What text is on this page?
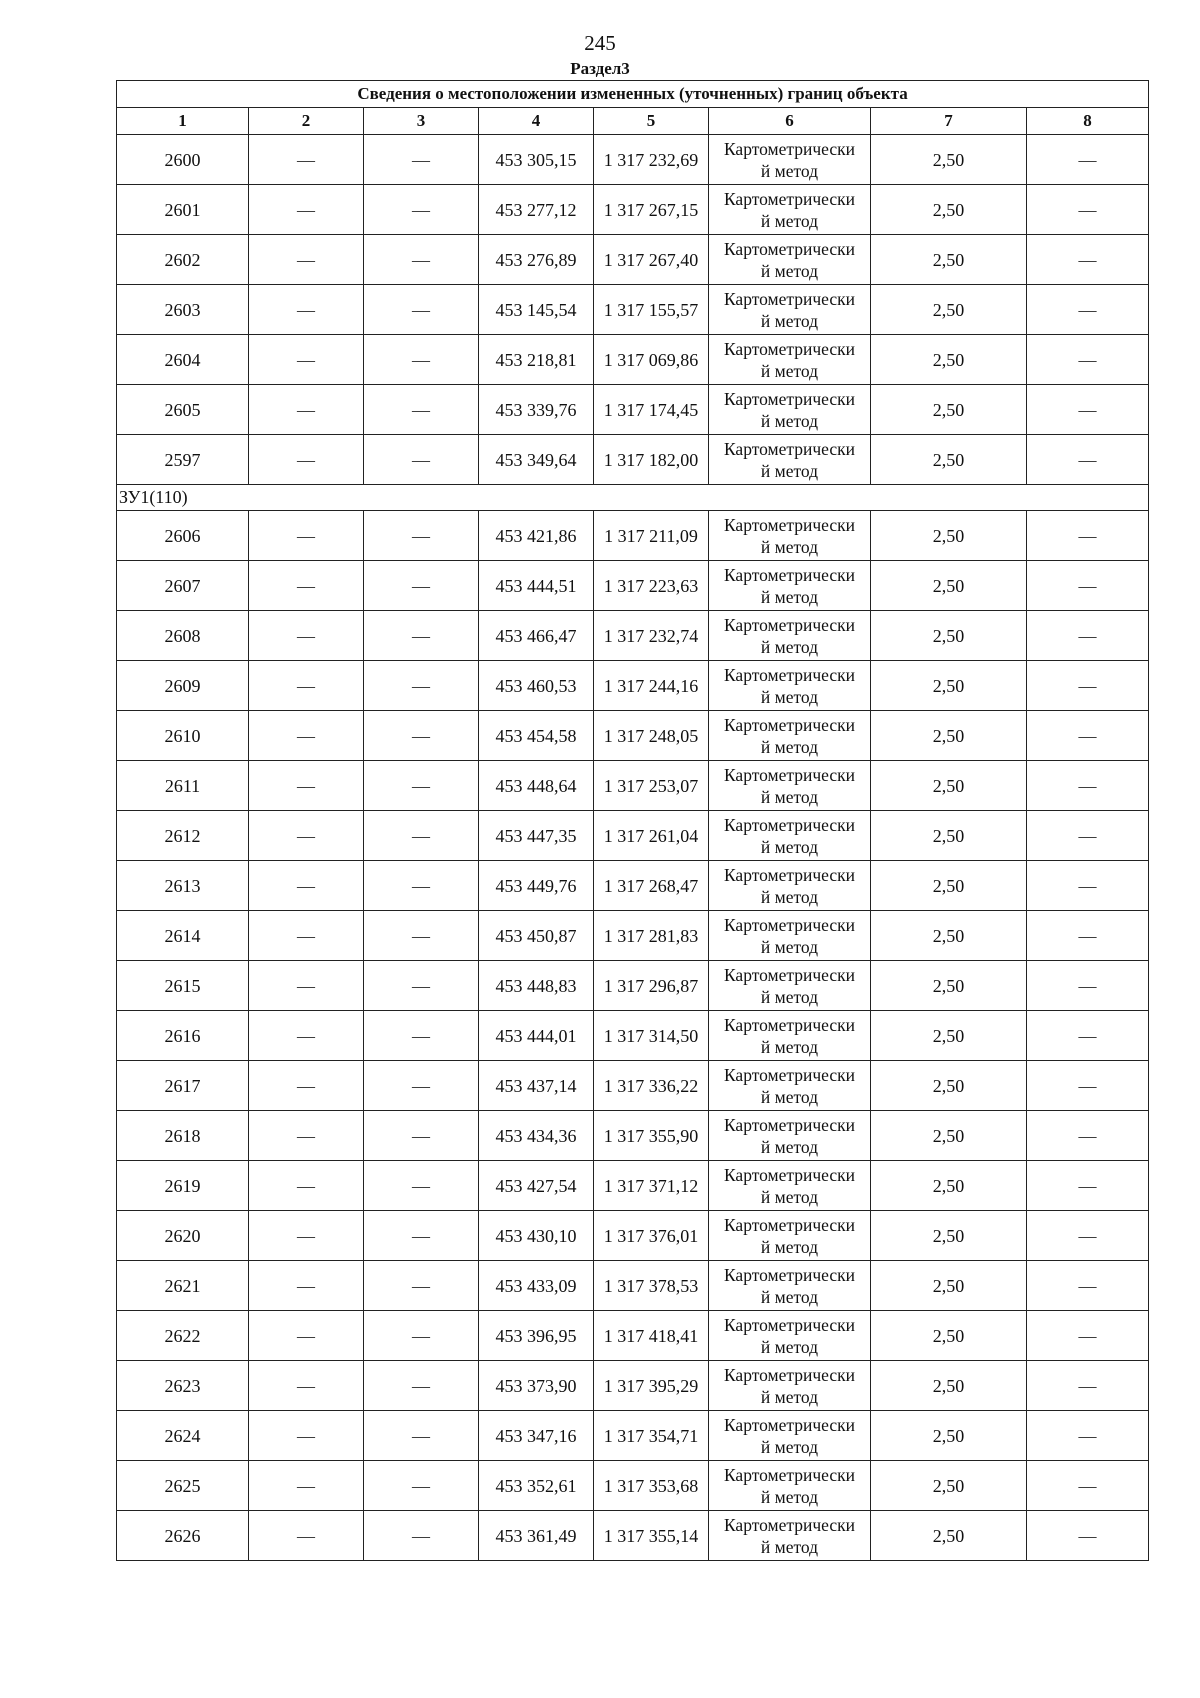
245
Раздел3
Сведения о местоположении измененных (уточненных) границ объекта							
1	2	3	4	5	6	7	8
2600	—	—	453 305,15	1 317 232,69	Картометрически
й метод	2,50	—
2601	—	—	453 277,12	1 317 267,15	Картометрически
й метод	2,50	—
2602	—	—	453 276,89	1 317 267,40	Картометрически
й метод	2,50	—
2603	—	—	453 145,54	1 317 155,57	Картометрически
й метод	2,50	—
2604	—	—	453 218,81	1 317 069,86	Картометрически
й метод	2,50	—
2605	—	—	453 339,76	1 317 174,45	Картометрически
й метод	2,50	—
2597	—	—	453 349,64	1 317 182,00	Картометрически
й метод	2,50	—
ЗУ1(110)							
2606	—	—	453 421,86	1 317 211,09	Картометрически
й метод	2,50	—
2607	—	—	453 444,51	1 317 223,63	Картометрически
й метод	2,50	—
2608	—	—	453 466,47	1 317 232,74	Картометрически
й метод	2,50	—
2609	—	—	453 460,53	1 317 244,16	Картометрически
й метод	2,50	—
2610	—	—	453 454,58	1 317 248,05	Картометрически
й метод	2,50	—
2611	—	—	453 448,64	1 317 253,07	Картометрически
й метод	2,50	—
2612	—	—	453 447,35	1 317 261,04	Картометрически
й метод	2,50	—
2613	—	—	453 449,76	1 317 268,47	Картометрически
й метод	2,50	—
2614	—	—	453 450,87	1 317 281,83	Картометрически
й метод	2,50	—
2615	—	—	453 448,83	1 317 296,87	Картометрически
й метод	2,50	—
2616	—	—	453 444,01	1 317 314,50	Картометрически
й метод	2,50	—
2617	—	—	453 437,14	1 317 336,22	Картометрически
й метод	2,50	—
2618	—	—	453 434,36	1 317 355,90	Картометрически
й метод	2,50	—
2619	—	—	453 427,54	1 317 371,12	Картометрически
й метод	2,50	—
2620	—	—	453 430,10	1 317 376,01	Картометрически
й метод	2,50	—
2621	—	—	453 433,09	1 317 378,53	Картометрически
й метод	2,50	—
2622	—	—	453 396,95	1 317 418,41	Картометрически
й метод	2,50	—
2623	—	—	453 373,90	1 317 395,29	Картометрически
й метод	2,50	—
2624	—	—	453 347,16	1 317 354,71	Картометрически
й метод	2,50	—
2625	—	—	453 352,61	1 317 353,68	Картометрически
й метод	2,50	—
2626	—	—	453 361,49	1 317 355,14	Картометрически
й метод	2,50	—
